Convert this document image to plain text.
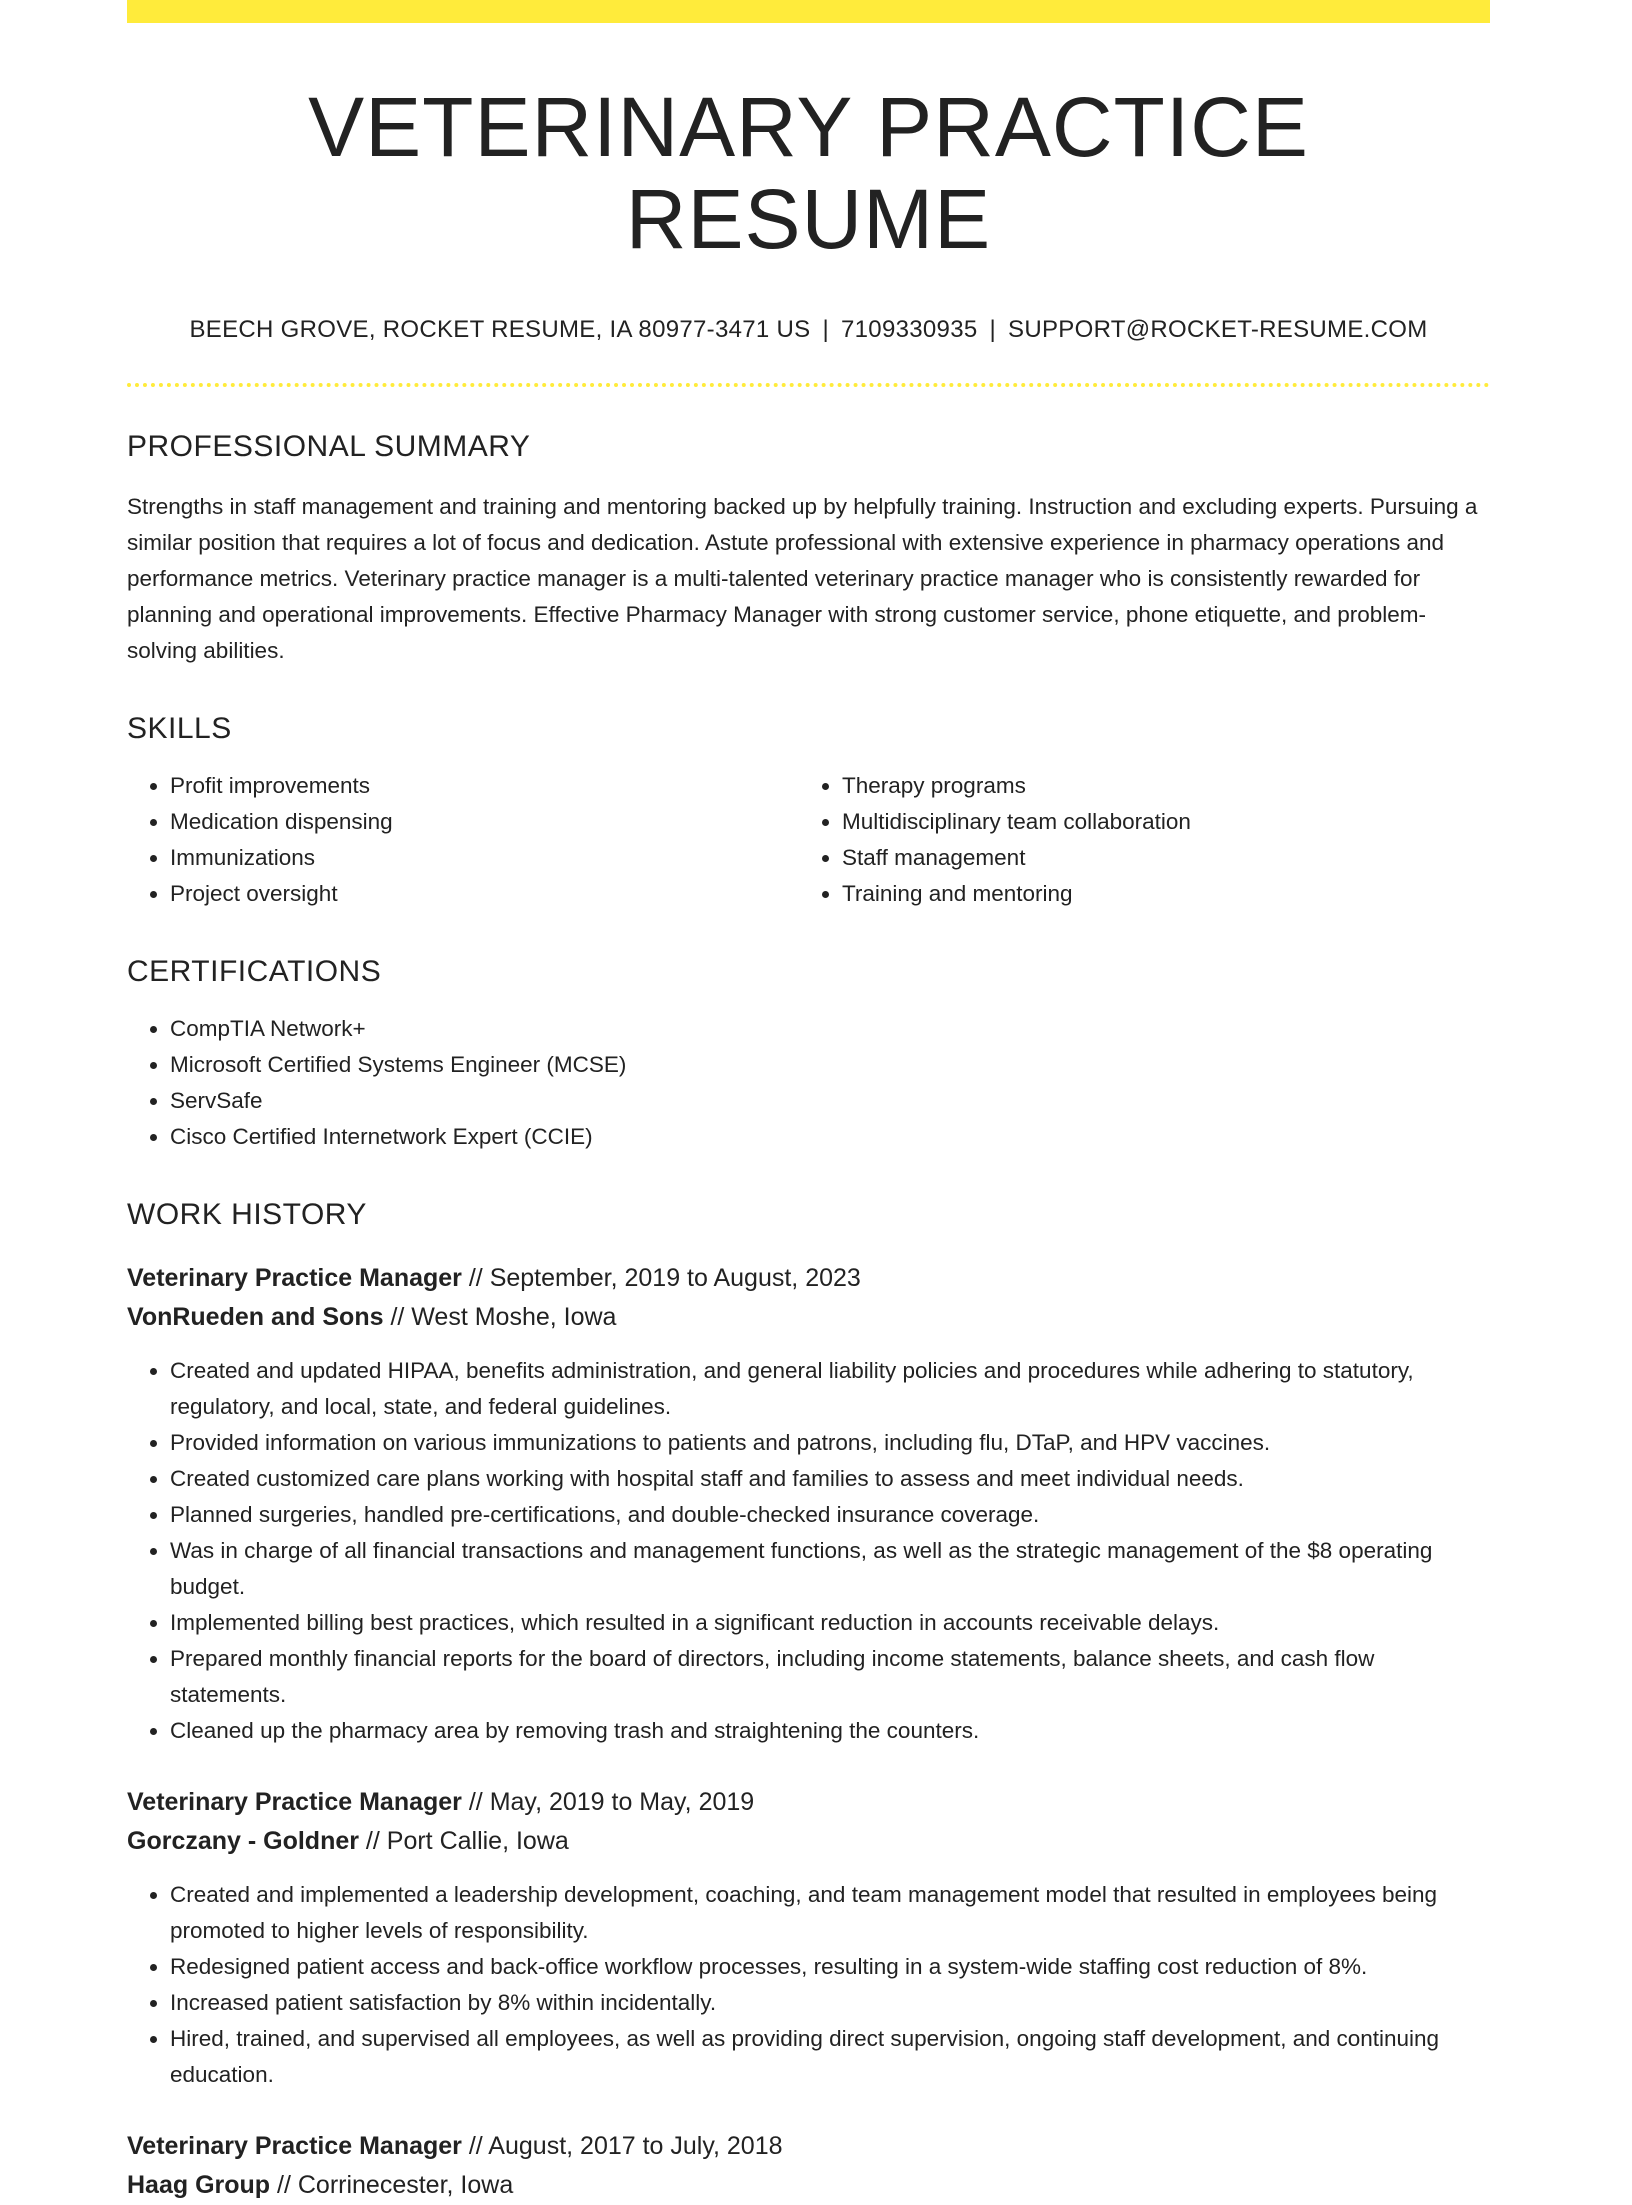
VETERINARY PRACTICE RESUME
BEECH GROVE, ROCKET RESUME, IA 80977-3471 US | 7109330935 | SUPPORT@ROCKET-RESUME.COM
PROFESSIONAL SUMMARY

Strengths in staff management and training and mentoring backed up by helpfully training. Instruction and excluding experts. Pursuing a similar position that requires a lot of focus and dedication. Astute professional with extensive experience in pharmacy operations and performance metrics. Veterinary practice manager is a multi-talented veterinary practice manager who is consistently rewarded for planning and operational improvements. Effective Pharmacy Manager with strong customer service, phone etiquette, and problem-solving abilities.

SKILLS
• Profit improvements
• Medication dispensing
• Immunizations
• Project oversight
• Therapy programs
• Multidisciplinary team collaboration
• Staff management
• Training and mentoring
CERTIFICATIONS
• CompTIA Network+
• Microsoft Certified Systems Engineer (MCSE)
• ServSafe
• Cisco Certified Internetwork Expert (CCIE)
WORK HISTORY
Veterinary Practice Manager // September, 2019 to August, 2023
VonRueden and Sons // West Moshe, Iowa
• Created and updated HIPAA, benefits administration, and general liability policies and procedures while adhering to statutory, regulatory, and local, state, and federal guidelines.
• Provided information on various immunizations to patients and patrons, including flu, DTaP, and HPV vaccines.
• Created customized care plans working with hospital staff and families to assess and meet individual needs.
• Planned surgeries, handled pre-certifications, and double-checked insurance coverage.
• Was in charge of all financial transactions and management functions, as well as the strategic management of the $8 operating budget.
• Implemented billing best practices, which resulted in a significant reduction in accounts receivable delays.
• Prepared monthly financial reports for the board of directors, including income statements, balance sheets, and cash flow statements.
• Cleaned up the pharmacy area by removing trash and straightening the counters.
Veterinary Practice Manager // May, 2019 to May, 2019
Gorczany - Goldner // Port Callie, Iowa
• Created and implemented a leadership development, coaching, and team management model that resulted in employees being promoted to higher levels of responsibility.
• Redesigned patient access and back-office workflow processes, resulting in a system-wide staffing cost reduction of 8%.
• Increased patient satisfaction by 8% within incidentally.
• Hired, trained, and supervised all employees, as well as providing direct supervision, ongoing staff development, and continuing education.
Veterinary Practice Manager // August, 2017 to July, 2018
Haag Group // Corrinecester, Iowa
